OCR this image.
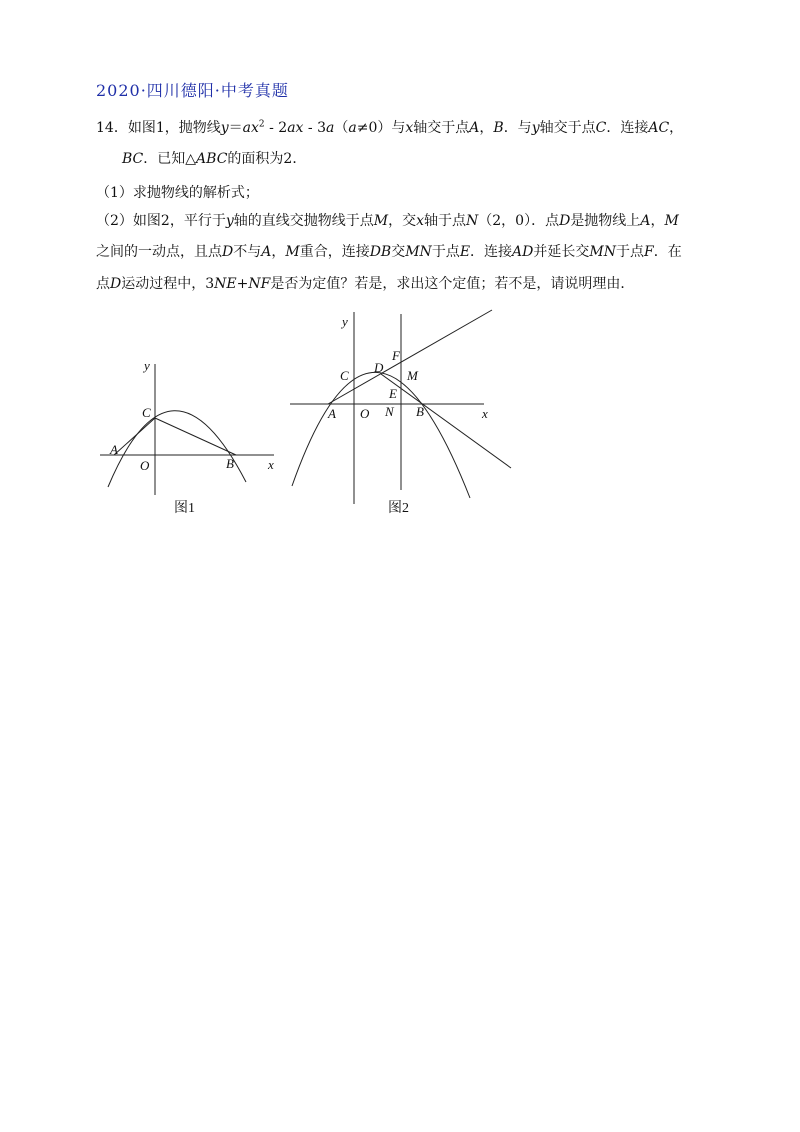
2020·四川德阳·中考真题
14．如图1，抛物线$y=ax^2 - 2ax - 3a(a\ne 0)$与x轴交于点A，B．与y轴交于点C．连接AC，
BC．已知△ABC的面积为2．
（1）求抛物线的解析式；
（2）如图2，平行于y轴的直线交抛物线于点M，交x轴于点N（2，0）．点D是抛物线上A，M
之间的一动点，且点D不与A，M重合，连接DB交MN于点E．连接AD并延长交MN于点F．在
点D运动过程中，3NE+NF是否为定值？若是，求出这个定值；若不是，请说明理由．
y
x
O
A
B
C
图1
y
x
O
A	B
C
D
E
F
M
N
图2
